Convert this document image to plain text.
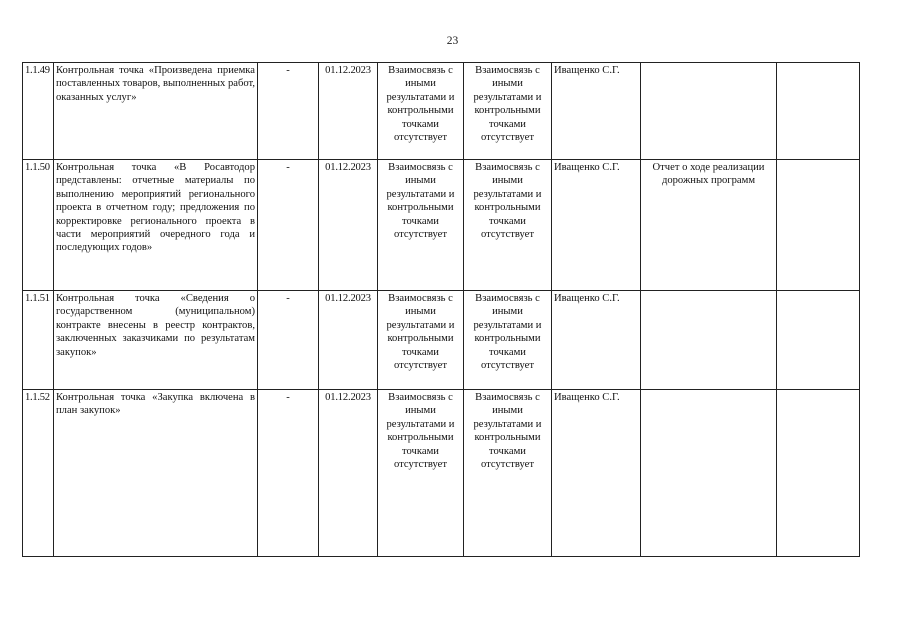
23
1.1.49	Контрольная точка «Произведена приемка поставленных товаров, выполненных работ, оказанных услуг»	-	01.12.2023	Взаимосвязь с иными результатами и контрольными точками отсутствует	Взаимосвязь с иными результатами и контрольными точками отсутствует	Иващенко С.Г.		
1.1.50	Контрольная точка «В Росавтодор представлены: отчетные материалы по выполнению мероприятий регионального проекта в отчетном году; предложения по корректировке регионального проекта в части мероприятий очередного года и последующих годов»	-	01.12.2023	Взаимосвязь с иными результатами и контрольными точками отсутствует	Взаимосвязь с иными результатами и контрольными точками отсутствует	Иващенко С.Г.	Отчет о ходе реализации дорожных программ	
1.1.51	Контрольная точка «Сведения о государственном (муниципальном) контракте внесены в реестр контрактов, заключенных заказчиками по результатам закупок»	-	01.12.2023	Взаимосвязь с иными результатами и контрольными точками отсутствует	Взаимосвязь с иными результатами и контрольными точками отсутствует	Иващенко С.Г.		
1.1.52	Контрольная точка «Закупка включена в план закупок»	-	01.12.2023	Взаимосвязь с иными результатами и контрольными точками отсутствует	Взаимосвязь с иными результатами и контрольными точками отсутствует	Иващенко С.Г.		
